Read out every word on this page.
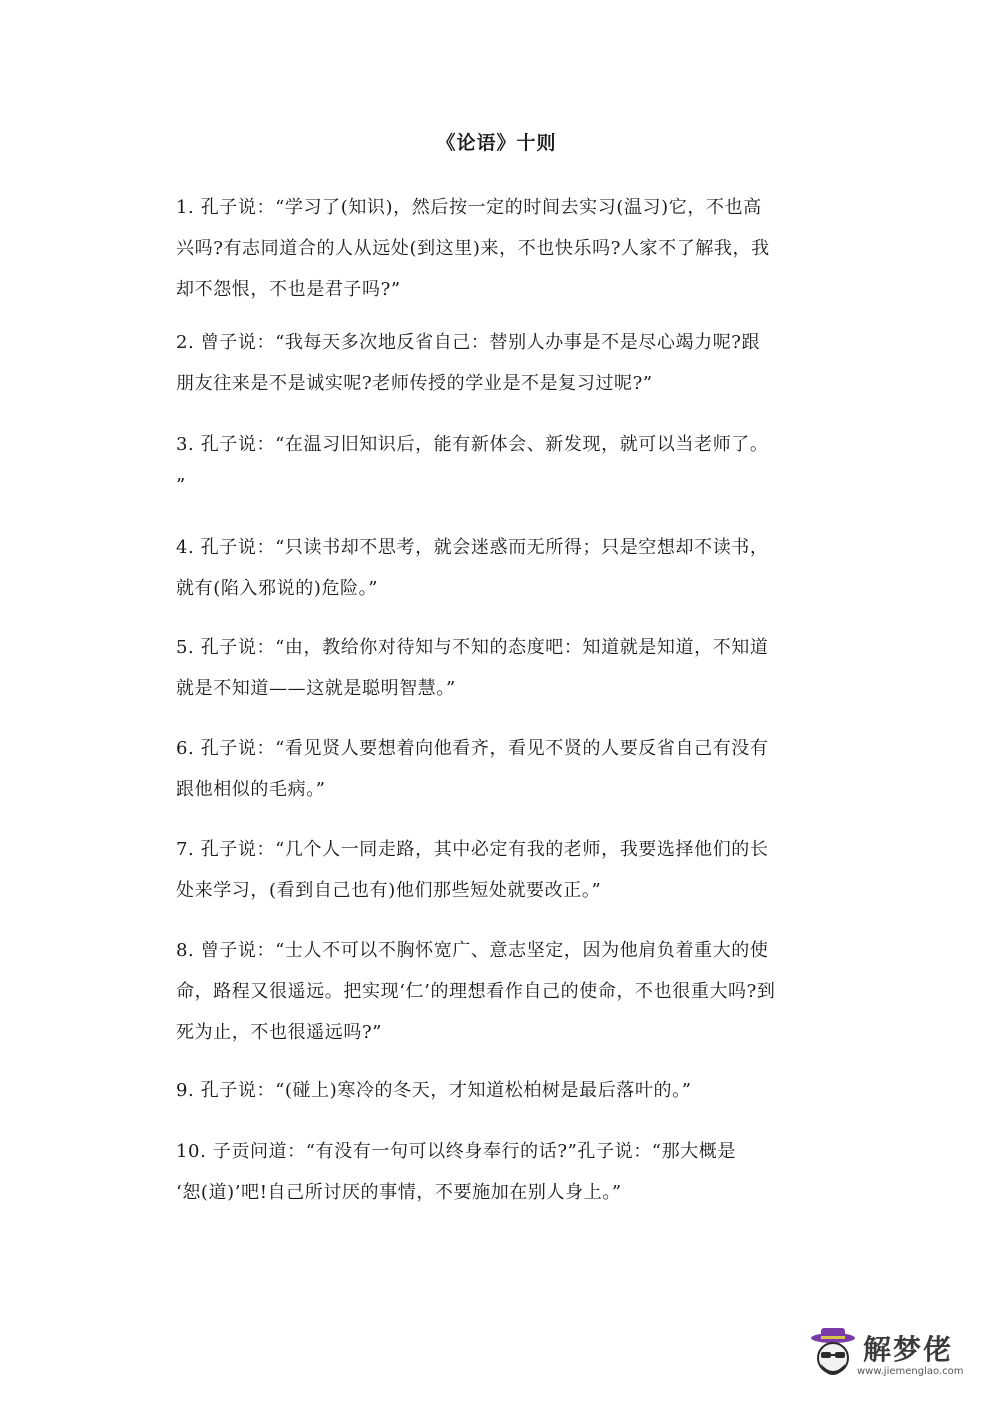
《论语》十则

1. 孔子说：“学习了(知识)，然后按一定的时间去实习(温习)它，不也高
兴吗?有志同道合的人从远处(到这里)来，不也快乐吗?人家不了解我，我
却不怨恨，不也是君子吗?”

2. 曾子说：“我每天多次地反省自己：替别人办事是不是尽心竭力呢?跟
朋友往来是不是诚实呢?老师传授的学业是不是复习过呢?”

3. 孔子说：“在温习旧知识后，能有新体会、新发现，就可以当老师了。
”

4. 孔子说：“只读书却不思考，就会迷惑而无所得；只是空想却不读书，
就有(陷入邪说的)危险。”

5. 孔子说：“由，教给你对待知与不知的态度吧：知道就是知道，不知道
就是不知道——这就是聪明智慧。”

6. 孔子说：“看见贤人要想着向他看齐，看见不贤的人要反省自己有没有
跟他相似的毛病。”

7. 孔子说：“几个人一同走路，其中必定有我的老师，我要选择他们的长
处来学习，(看到自己也有)他们那些短处就要改正。”

8. 曾子说：“士人不可以不胸怀宽广、意志坚定，因为他肩负着重大的使
命，路程又很遥远。把实现‘仁’的理想看作自己的使命，不也很重大吗?到
死为止，不也很遥远吗?”

9. 孔子说：“(碰上)寒冷的冬天，才知道松柏树是最后落叶的。”

10. 子贡问道：“有没有一句可以终身奉行的话?”孔子说：“那大概是
‘恕(道)’吧!自己所讨厌的事情，不要施加在别人身上。”

解梦佬
www.jiemenglao.com
